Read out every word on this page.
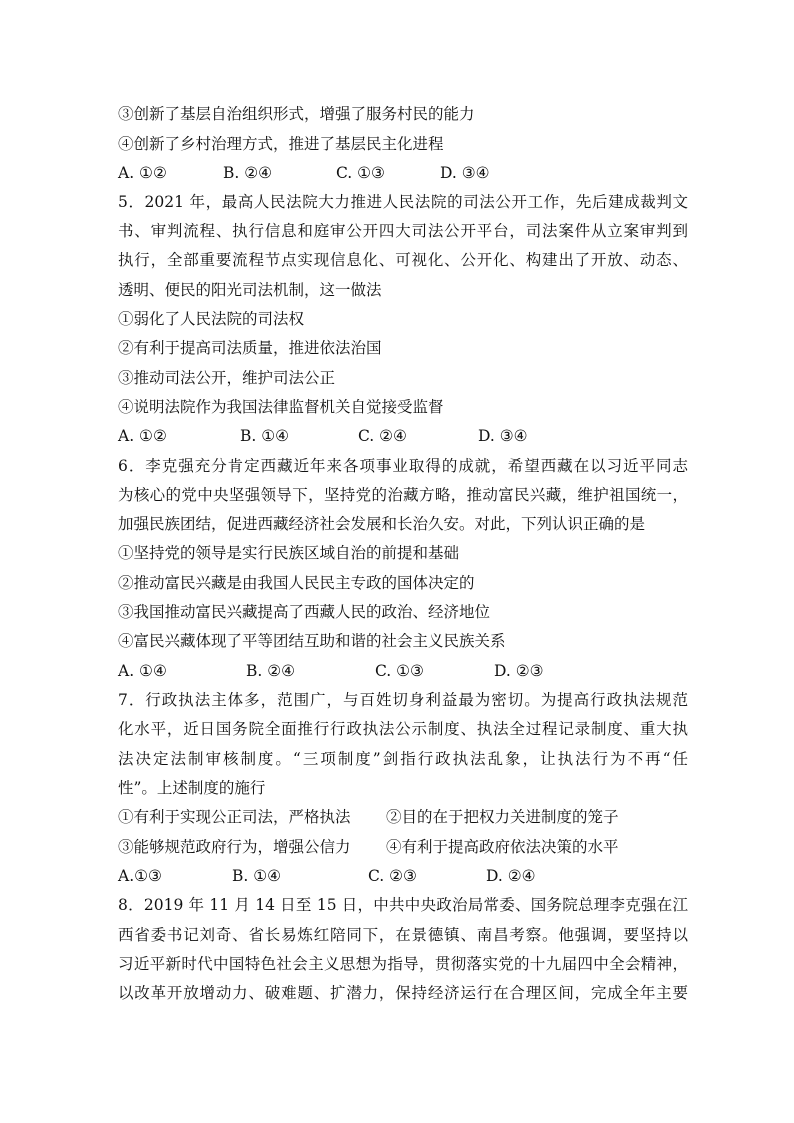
③创新了基层自治组织形式，增强了服务村民的能力
④创新了乡村治理方式，推进了基层民主化进程
A. ①②	B. ②④	C. ①③	D. ③④
5．2021 年，最高人民法院大力推进人民法院的司法公开工作，先后建成裁判文
书、审判流程、执行信息和庭审公开四大司法公开平台，司法案件从立案审判到
执行，全部重要流程节点实现信息化、可视化、公开化、构建出了开放、动态、
透明、便民的阳光司法机制，这一做法
①弱化了人民法院的司法权
②有利于提高司法质量，推进依法治国
③推动司法公开，维护司法公正
④说明法院作为我国法律监督机关自觉接受监督
A. ①②	B. ①④	C. ②④	D. ③④
6．李克强充分肯定西藏近年来各项事业取得的成就，希望西藏在以习近平同志
为核心的党中央坚强领导下，坚持党的治藏方略，推动富民兴藏，维护祖国统一，
加强民族团结，促进西藏经济社会发展和长治久安。对此，下列认识正确的是
①坚持党的领导是实行民族区域自治的前提和基础
②推动富民兴藏是由我国人民民主专政的国体决定的
③我国推动富民兴藏提高了西藏人民的政治、经济地位
④富民兴藏体现了平等团结互助和谐的社会主义民族关系
A. ①④	B. ②④	C. ①③	D. ②③
7．行政执法主体多，范围广，与百姓切身利益最为密切。为提高行政执法规范
化水平，近日国务院全面推行行政执法公示制度、执法全过程记录制度、重大执
法决定法制审核制度。“三项制度”剑指行政执法乱象，让执法行为不再“任
性”。上述制度的施行
①有利于实现公正司法，严格执法 ②目的在于把权力关进制度的笼子
③能够规范政府行为，增强公信力 ④有利于提高政府依法决策的水平
A.①③	B. ①④	C. ②③	D. ②④
8．2019 年 11 月 14 日至 15 日，中共中央政治局常委、国务院总理李克强在江
西省委书记刘奇、省长易炼红陪同下，在景德镇、南昌考察。他强调，要坚持以
习近平新时代中国特色社会主义思想为指导，贯彻落实党的十九届四中全会精神，
以改革开放增动力、破难题、扩潜力，保持经济运行在合理区间，完成全年主要
